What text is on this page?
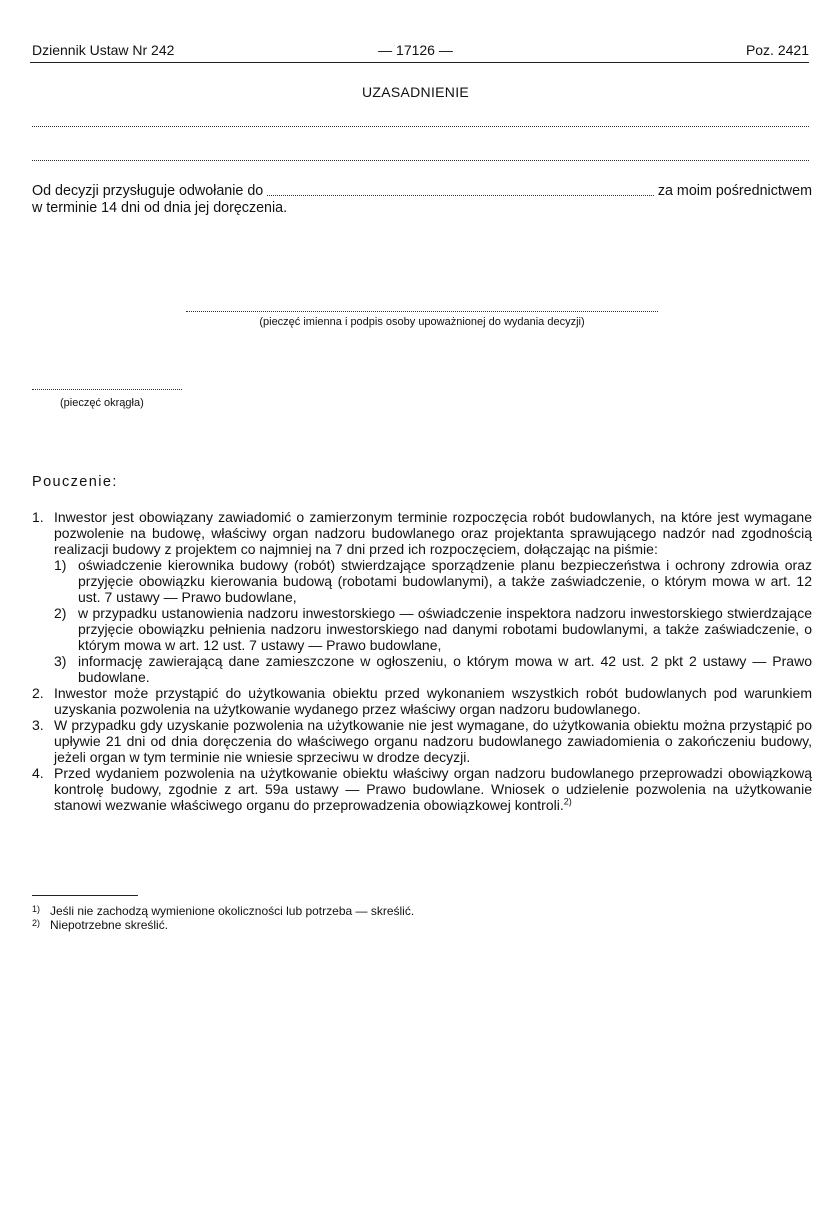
Dziennik Ustaw Nr 242	— 17126 —	Poz. 2421
UZASADNIENIE
Od decyzji przysługuje odwołanie do	za moim pośrednictwem
w terminie 14 dni od dnia jej doręczenia.
(pieczęć imienna i podpis osoby upoważnionej do wydania decyzji)
(pieczęć okrągła)
Pouczenie:
1. Inwestor jest obowiązany zawiadomić o zamierzonym terminie rozpoczęcia robót budowlanych, na które jest wymagane pozwolenie na budowę, właściwy organ nadzoru budowlanego oraz projektanta sprawującego nadzór nad zgodnością realizacji budowy z projektem co najmniej na 7 dni przed ich rozpoczęciem, dołączając na piśmie:
1) oświadczenie kierownika budowy (robót) stwierdzające sporządzenie planu bezpieczeństwa i ochrony zdrowia oraz przyjęcie obowiązku kierowania budową (robotami budowlanymi), a także zaświadczenie, o którym mowa w art. 12 ust. 7 ustawy — Prawo budowlane,
2) w przypadku ustanowienia nadzoru inwestorskiego — oświadczenie inspektora nadzoru inwestorskiego stwierdzające przyjęcie obowiązku pełnienia nadzoru inwestorskiego nad danymi robotami budowlanymi, a także zaświadczenie, o którym mowa w art. 12 ust. 7 ustawy — Prawo budowlane,
3) informację zawierającą dane zamieszczone w ogłoszeniu, o którym mowa w art. 42 ust. 2 pkt 2 ustawy — Prawo budowlane.
2. Inwestor może przystąpić do użytkowania obiektu przed wykonaniem wszystkich robót budowlanych pod warunkiem uzyskania pozwolenia na użytkowanie wydanego przez właściwy organ nadzoru budowlanego.
3. W przypadku gdy uzyskanie pozwolenia na użytkowanie nie jest wymagane, do użytkowania obiektu można przystąpić po upływie 21 dni od dnia doręczenia do właściwego organu nadzoru budowlanego zawiadomienia o zakończeniu budowy, jeżeli organ w tym terminie nie wniesie sprzeciwu w drodze decyzji.
4. Przed wydaniem pozwolenia na użytkowanie obiektu właściwy organ nadzoru budowlanego przeprowadzi obowiązkową kontrolę budowy, zgodnie z art. 59a ustawy — Prawo budowlane. Wniosek o udzielenie pozwolenia na użytkowanie stanowi wezwanie właściwego organu do przeprowadzenia obowiązkowej kontroli.$^{2)}$
1) Jeśli nie zachodzą wymienione okoliczności lub potrzeba — skreślić.
2) Niepotrzebne skreślić.
